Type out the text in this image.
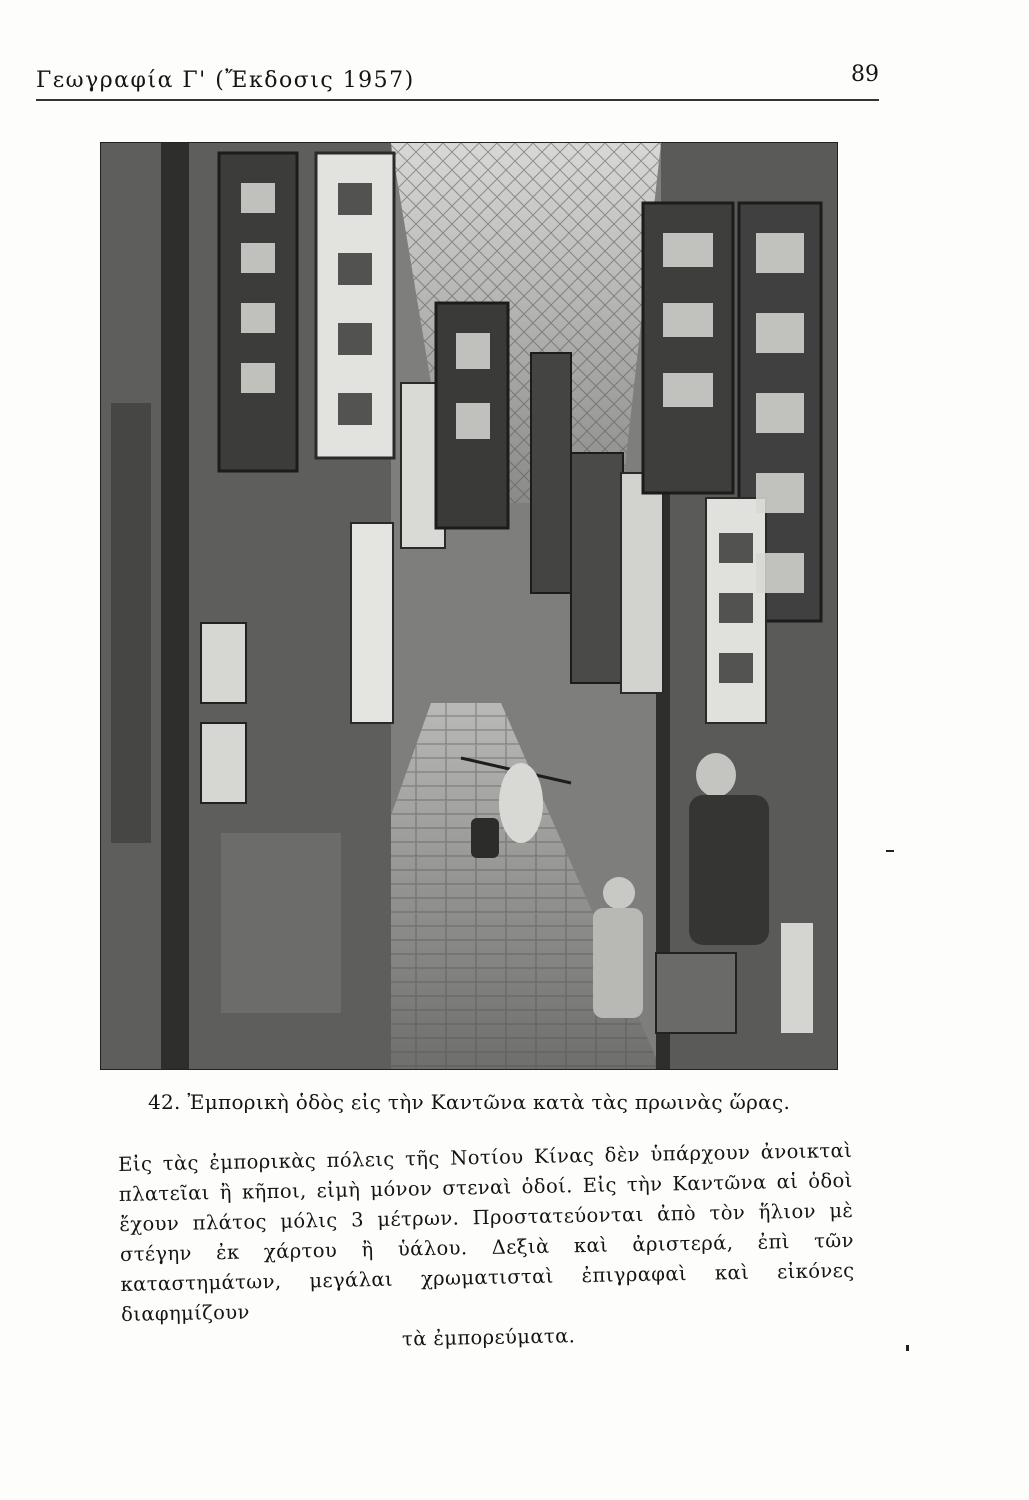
Γεωγραφία Γ' (Ἔκδοσις 1957)	89
42. Ἐμπορικὴ ὁδὸς εἰς τὴν Καντῶνα κατὰ τὰς πρωινὰς ὥρας.
Εἰς τὰς ἐμπορικὰς πόλεις τῆς Νοτίου Κίνας δὲν ὑπάρχουν ἀνοικταὶ πλατεῖαι ἢ κῆποι, εἰμὴ μόνον στεναὶ ὁδοί. Εἰς τὴν Καντῶνα αἱ ὁδοὶ ἔχουν πλάτος μόλις 3 μέτρων. Προστατεύονται ἀπὸ τὸν ἥλιον μὲ στέγην ἐκ χάρτου ἢ ὑάλου. Δεξιὰ καὶ ἀριστερά, ἐπὶ τῶν καταστημάτων, μεγάλαι χρωματισταὶ ἐπιγραφαὶ καὶ εἰκόνες διαφημίζουν
τὰ ἐμπορεύματα.
